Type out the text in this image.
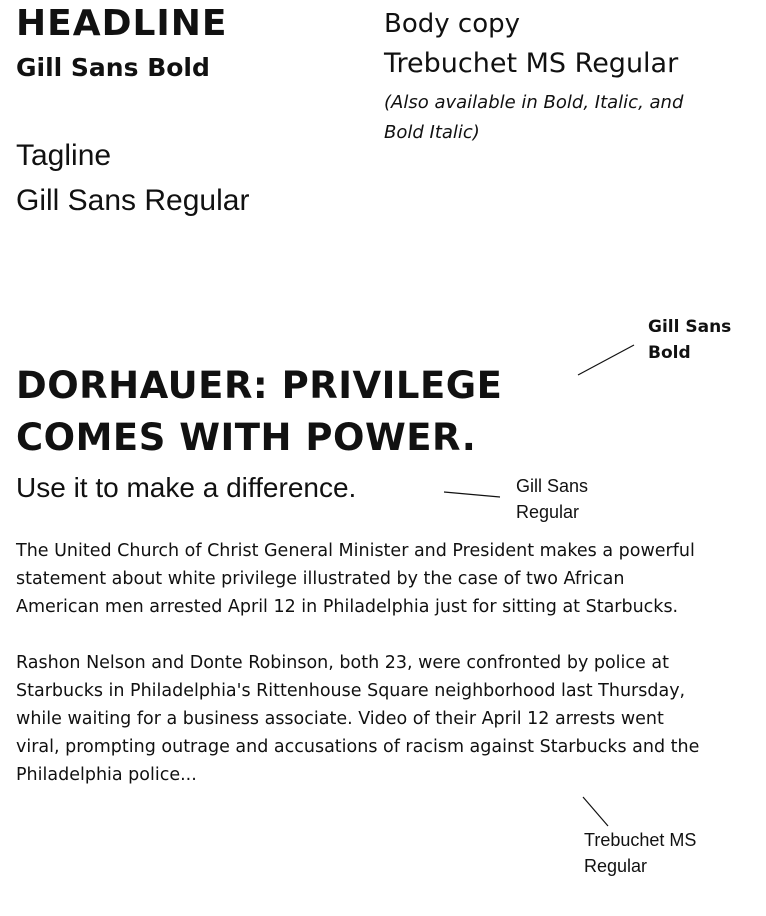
HEADLINE
Gill Sans Bold
Tagline
Gill Sans Regular
Body copy
Trebuchet MS Regular
(Also available in Bold, Italic, and Bold Italic)
DORHAUER: PRIVILEGE COMES WITH POWER.
Use it to make a difference.

The United Church of Christ General Minister and President makes a powerful statement about white privilege illustrated by the case of two African American men arrested April 12 in Philadelphia just for sitting at Starbucks.

Rashon Nelson and Donte Robinson, both 23, were confronted by police at Starbucks in Philadelphia's Rittenhouse Square neighborhood last Thursday, while waiting for a business associate. Video of their April 12 arrests went viral, prompting outrage and accusations of racism against Starbucks and the Philadelphia police...

Gill Sans
Bold
Gill Sans
Regular
Trebuchet MS
Regular
